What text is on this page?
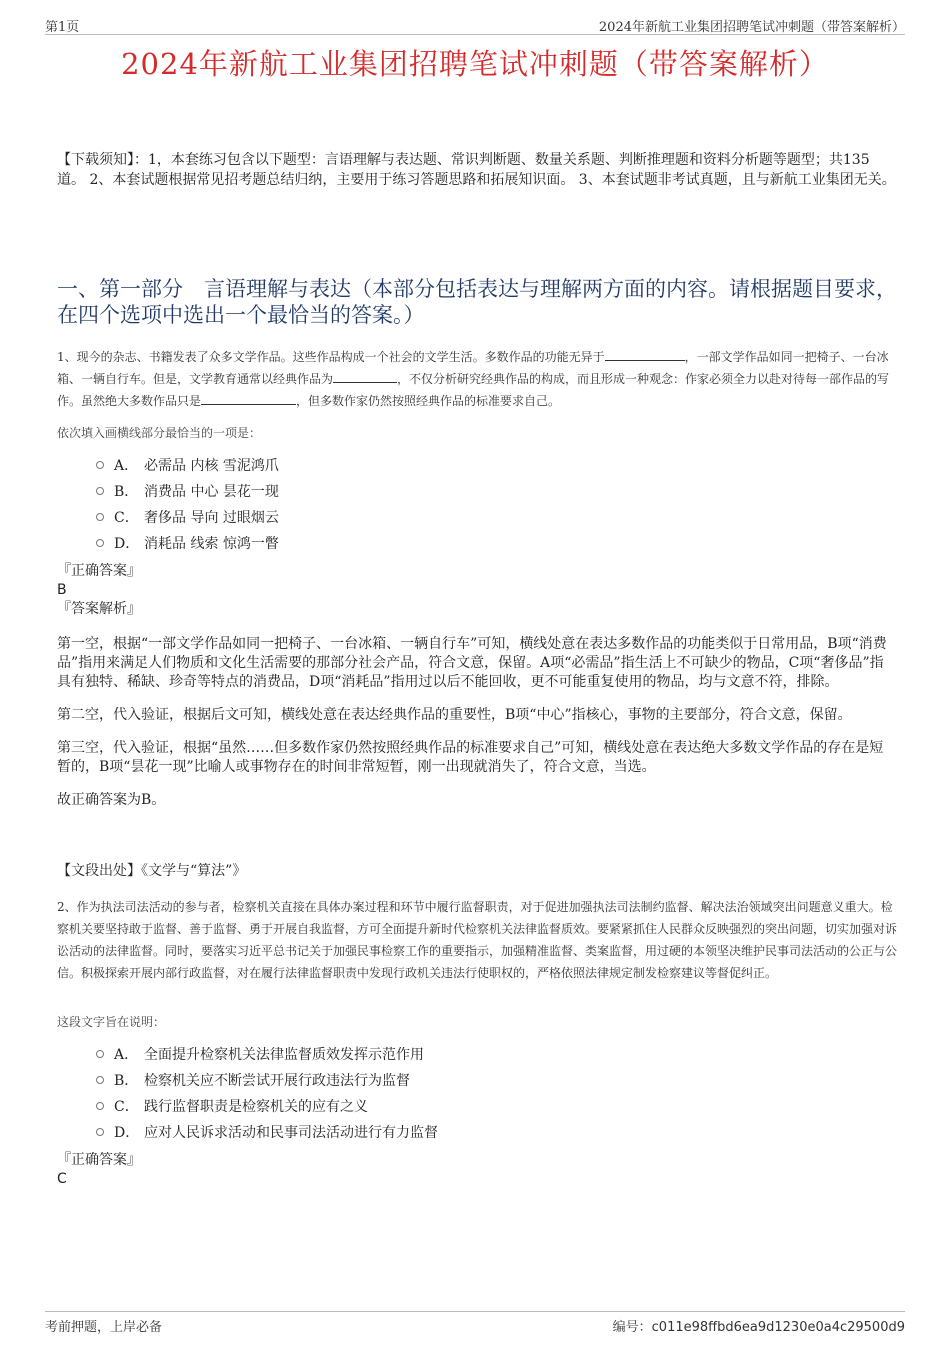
第1页	2024年新航工业集团招聘笔试冲刺题（带答案解析）
2024年新航工业集团招聘笔试冲刺题（带答案解析）
【下载须知】：1，本套练习包含以下题型：言语理解与表达题、常识判断题、数量关系题、判断推理题和资料分析题等题型；共135道。 2、本套试题根据常见招考题总结归纳，主要用于练习答题思路和拓展知识面。 3、本套试题非考试真题，且与新航工业集团无关。
一、第一部分　言语理解与表达（本部分包括表达与理解两方面的内容。请根据题目要求，在四个选项中选出一个最恰当的答案。）
1、现今的杂志、书籍发表了众多文学作品。这些作品构成一个社会的文学生活。多数作品的功能无异于	，一部文学作品如同一把椅子、一台冰箱、一辆自行车。但是，文学教育通常以经典作品为	，不仅分析研究经典作品的构成，而且形成一种观念：作家必须全力以赴对待每一部作品的写作。虽然绝大多数作品只是	，但多数作家仍然按照经典作品的标准要求自己。
依次填入画横线部分最恰当的一项是：
A． 必需品 内核 雪泥鸿爪
B． 消费品 中心 昙花一现
C． 奢侈品 导向 过眼烟云
D． 消耗品 线索 惊鸿一瞥
『正确答案』
B
『答案解析』

第一空，根据“一部文学作品如同一把椅子、一台冰箱、一辆自行车”可知，横线处意在表达多数作品的功能类似于日常用品，B项“消费品”指用来满足人们物质和文化生活需要的那部分社会产品，符合文意，保留。A项“必需品”指生活上不可缺少的物品，C项“奢侈品”指具有独特、稀缺、珍奇等特点的消费品，D项“消耗品”指用过以后不能回收，更不可能重复使用的物品，均与文意不符，排除。

第二空，代入验证，根据后文可知，横线处意在表达经典作品的重要性，B项“中心”指核心，事物的主要部分，符合文意，保留。

第三空，代入验证，根据“虽然……但多数作家仍然按照经典作品的标准要求自己”可知，横线处意在表达绝大多数文学作品的存在是短暂的，B项“昙花一现”比喻人或事物存在的时间非常短暂，刚一出现就消失了，符合文意，当选。

故正确答案为B。

【文段出处】《文学与“算法”》
2、作为执法司法活动的参与者，检察机关直接在具体办案过程和环节中履行监督职责，对于促进加强执法司法制约监督、解决法治领域突出问题意义重大。检察机关要坚持敢于监督、善于监督、勇于开展自我监督，方可全面提升新时代检察机关法律监督质效。要紧紧抓住人民群众反映强烈的突出问题，切实加强对诉讼活动的法律监督。同时，要落实习近平总书记关于加强民事检察工作的重要指示，加强精准监督、类案监督，用过硬的本领坚决维护民事司法活动的公正与公信。积极探索开展内部行政监督，对在履行法律监督职责中发现行政机关违法行使职权的，严格依照法律规定制发检察建议等督促纠正。
这段文字旨在说明：
A． 全面提升检察机关法律监督质效发挥示范作用
B． 检察机关应不断尝试开展行政违法行为监督
C． 践行监督职责是检察机关的应有之义
D． 应对人民诉求活动和民事司法活动进行有力监督
『正确答案』
C
考前押题，上岸必备	编号：c011e98ffbd6ea9d1230e0a4c29500d9
